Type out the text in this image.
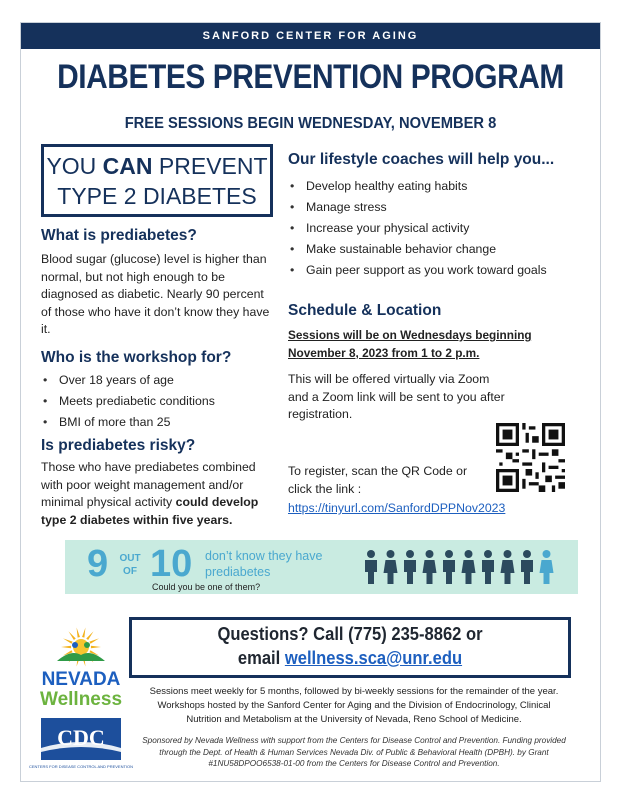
SANFORD CENTER FOR AGING
DIABETES PREVENTION PROGRAM
FREE SESSIONS BEGIN WEDNESDAY, NOVEMBER 8
YOU CAN PREVENT
TYPE 2 DIABETES
What is prediabetes?
Blood sugar (glucose) level is higher than normal, but not high enough to be diagnosed as diabetic. Nearly 90 percent of those who have it don’t know they have it.
Who is the workshop for?
• Over 18 years of age
• Meets prediabetic conditions
• BMI of more than 25
Is prediabetes risky?
Those who have prediabetes combined with poor weight management and/or minimal physical activity could develop type 2 diabetes within five years.
Our lifestyle coaches will help you...
• Develop healthy eating habits
• Manage stress
• Increase your physical activity
• Make sustainable behavior change
• Gain peer support as you work toward goals
Schedule & Location
Sessions will be on Wednesdays beginning
November 8, 2023 from 1 to 2 p.m.
This will be offered virtually via Zoom and a Zoom link will be sent to you after registration.
To register, scan the QR Code or click the link :
https://tinyurl.com/SanfordDPPNov2023
9	OUT
OF 10 don’t know they have prediabetes
Could you be one of them?
NEVADA
Wellness
CDC
CENTERS FOR DISEASE CONTROL AND PREVENTION
Questions? Call (775) 235-8862 or
email wellness.sca@unr.edu
Sessions meet weekly for 5 months, followed by bi-weekly sessions for the remainder of the year.
Workshops hosted by the Sanford Center for Aging and the Division of Endocrinology, Clinical Nutrition and Metabolism at the University of Nevada, Reno School of Medicine.
Sponsored by Nevada Wellness with support from the Centers for Disease Control and Prevention. Funding provided through the Dept. of Health & Human Services Nevada Div. of Public & Behavioral Health (DPBH). by Grant #1NU58DPOO6538-01-00 from the Centers for Disease Control and Prevention.
